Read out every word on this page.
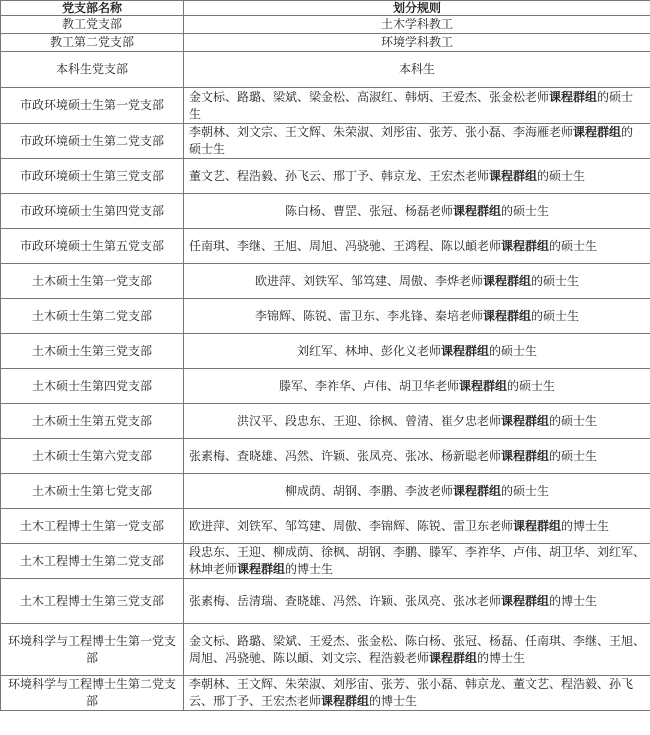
党支部名称	划分规则
教工党支部	土木学科教工
教工第二党支部	环境学科教工
本科生党支部	本科生
市政环境硕士生第一党支部	金文标、路璐、梁斌、梁金松、高淑红、韩炳、王爱杰、张金松老师课程群组的硕士生
市政环境硕士生第二党支部	李朝林、刘文宗、王文辉、朱荣淑、刘彤宙、张芳、张小磊、李海雁老师课程群组的硕士生
市政环境硕士生第三党支部	董文艺、程浩毅、孙飞云、邢丁予、韩京龙、王宏杰老师课程群组的硕士生
市政环境硕士生第四党支部	陈白杨、曹罡、张冠、杨磊老师课程群组的硕士生
市政环境硕士生第五党支部	任南琪、李继、王旭、周旭、冯骁驰、王鸿程、陈以頔老师课程群组的硕士生
土木硕士生第一党支部	欧进萍、刘铁军、邹笃建、周傲、李烨老师课程群组的硕士生
土木硕士生第二党支部	李锦辉、陈锐、雷卫东、李兆锋、秦培老师课程群组的硕士生
土木硕士生第三党支部	刘红军、林坤、彭化义老师课程群组的硕士生
土木硕士生第四党支部	滕军、李祚华、卢伟、胡卫华老师课程群组的硕士生
土木硕士生第五党支部	洪汉平、段忠东、王迎、徐枫、曾清、崔夕忠老师课程群组的硕士生
土木硕士生第六党支部	张素梅、查晓雄、冯然、许颖、张凤亮、张冰、杨新聪老师课程群组的硕士生
土木硕士生第七党支部	柳成荫、胡钢、李鹏、李波老师课程群组的硕士生
土木工程博士生第一党支部	欧进萍、刘铁军、邹笃建、周傲、李锦辉、陈锐、雷卫东老师课程群组的博士生
土木工程博士生第二党支部	段忠东、王迎、柳成荫、徐枫、胡钢、李鹏、滕军、李祚华、卢伟、胡卫华、刘红军、林坤老师课程群组的博士生
土木工程博士生第三党支部	张素梅、岳清瑞、查晓雄、冯然、许颖、张凤亮、张冰老师课程群组的博士生
环境科学与工程博士生第一党支部	金文标、路璐、梁斌、王爱杰、张金松、陈白杨、张冠、杨磊、任南琪、李继、王旭、周旭、冯骁驰、陈以頔、刘文宗、程浩毅老师课程群组的博士生
环境科学与工程博士生第二党支部	李朝林、王文辉、朱荣淑、刘彤宙、张芳、张小磊、韩京龙、董文艺、程浩毅、孙飞云、邢丁予、王宏杰老师课程群组的博士生
